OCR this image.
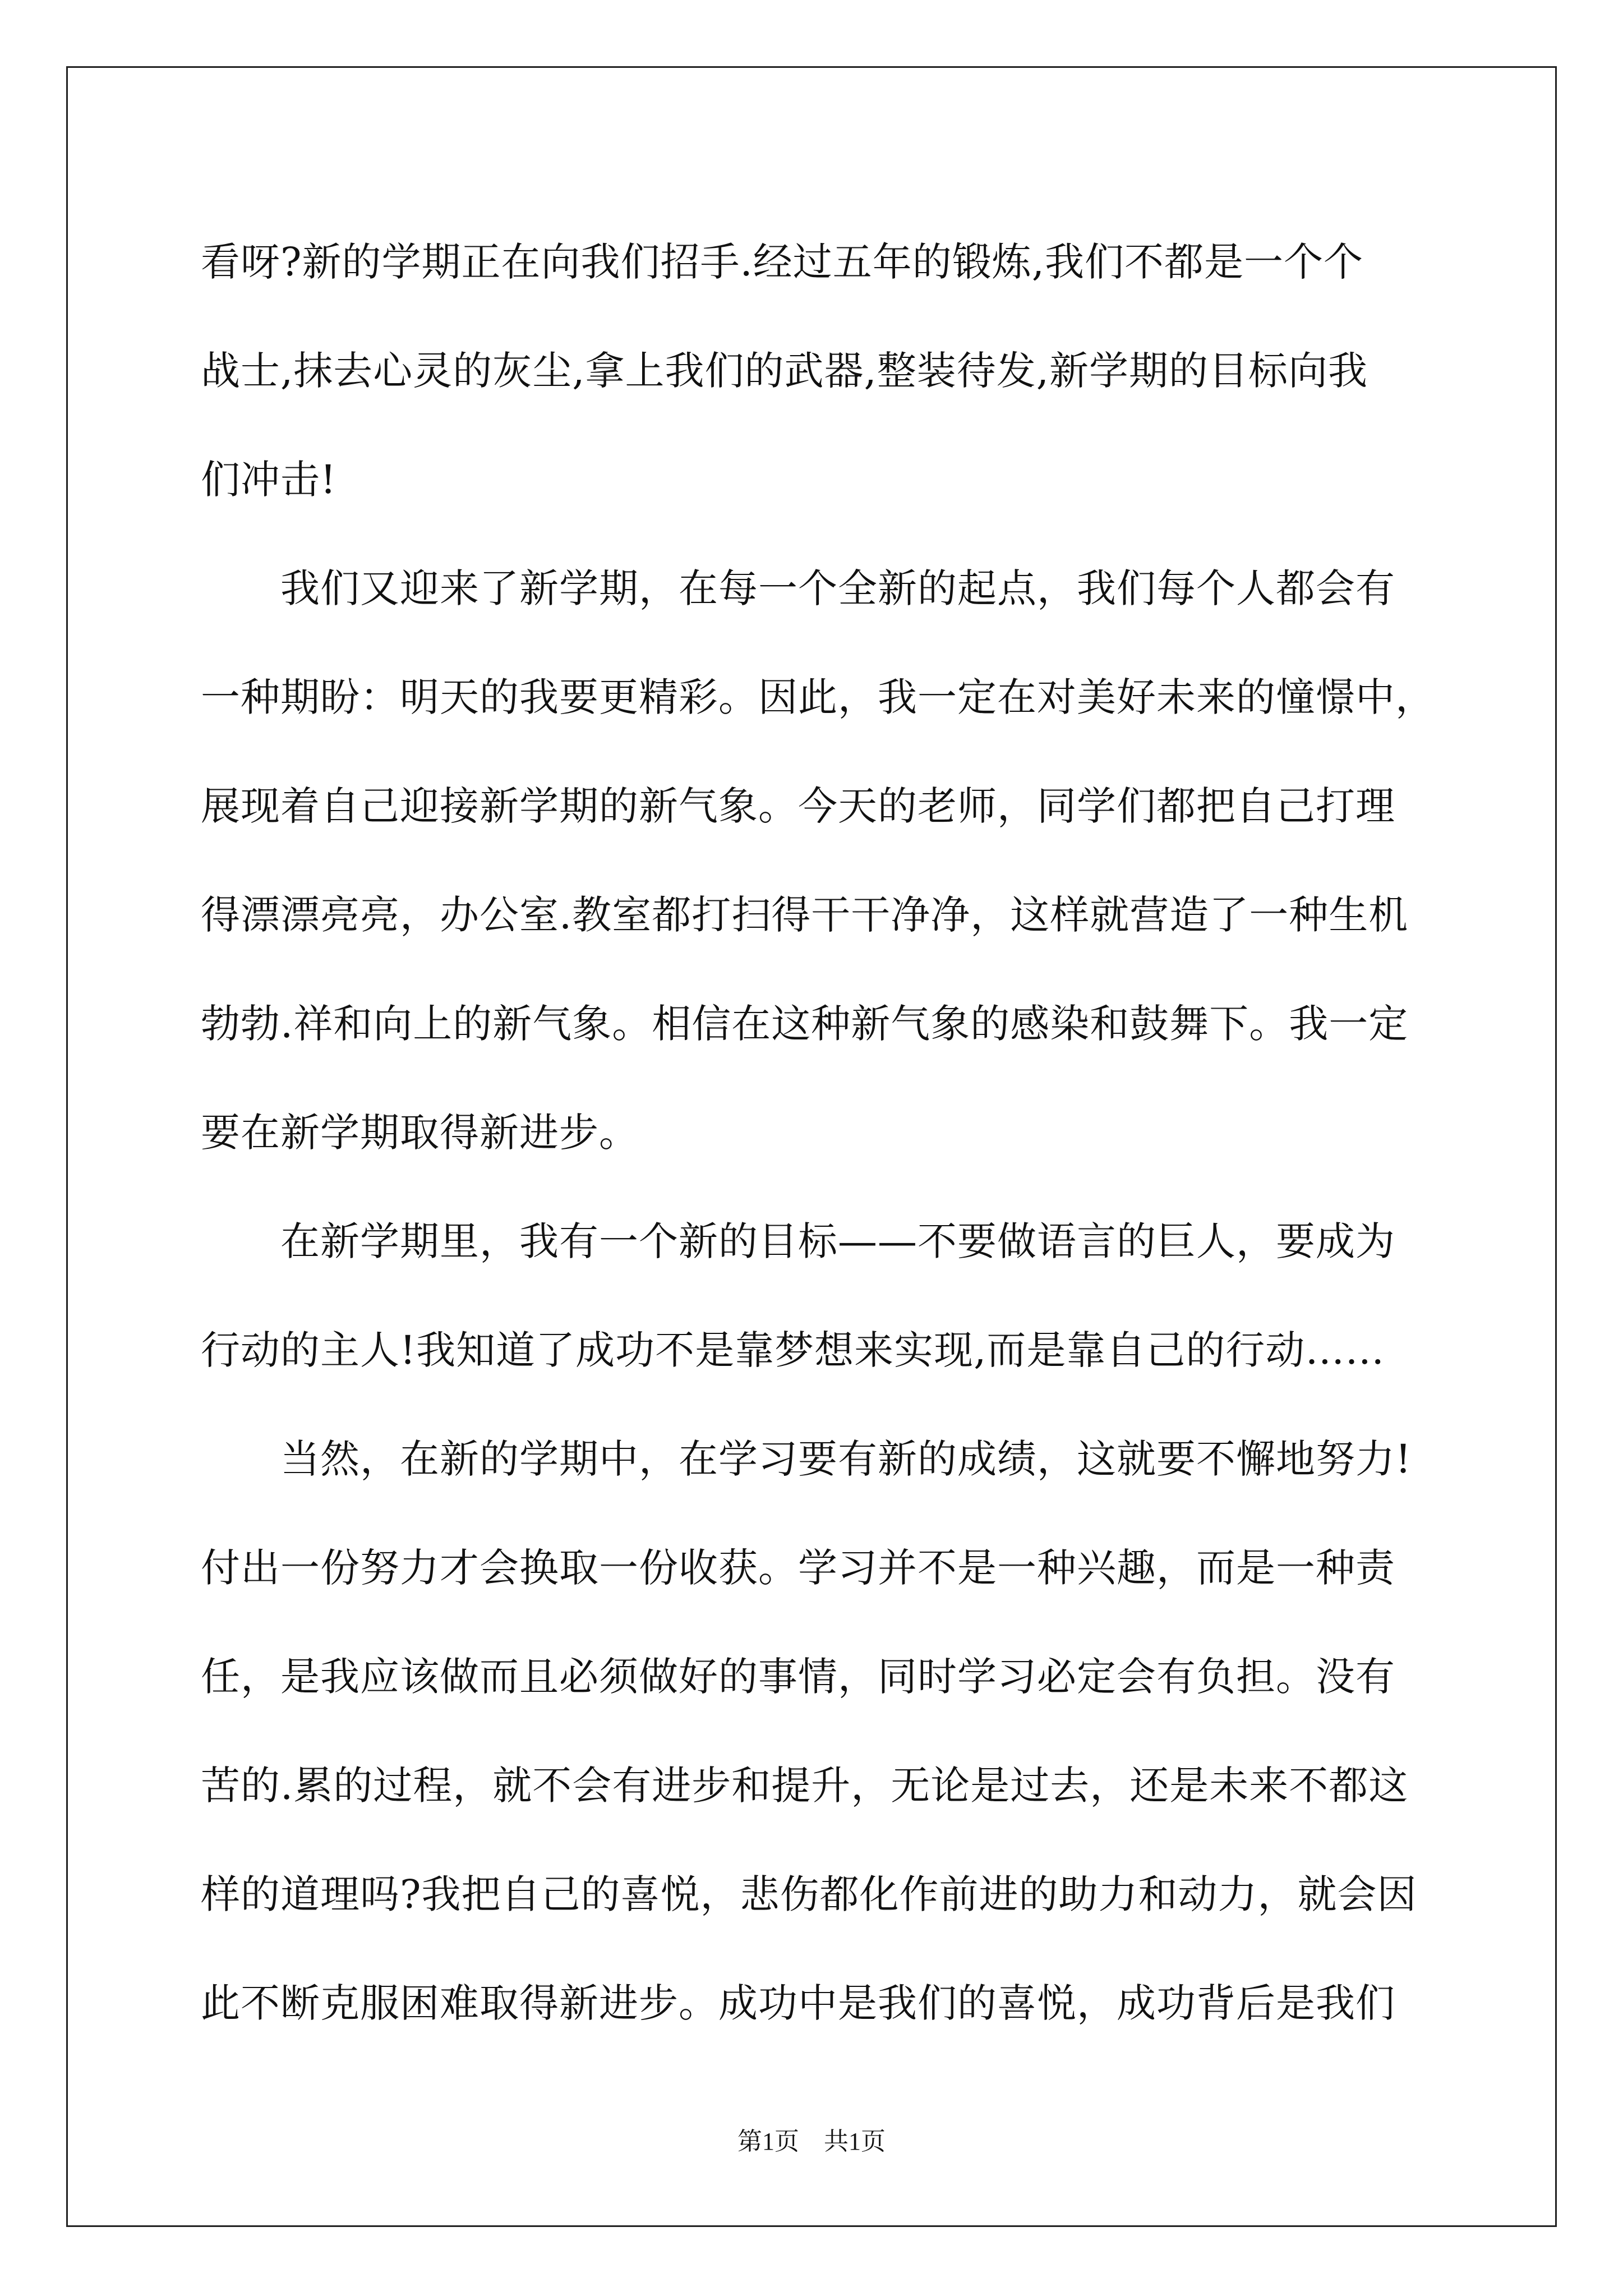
看呀?新的学期正在向我们招手.经过五年的锻炼,我们不都是一个个
战士,抹去心灵的灰尘,拿上我们的武器,整装待发,新学期的目标向我
们冲击!
　　我们又迎来了新学期，在每一个全新的起点，我们每个人都会有
一种期盼：明天的我要更精彩。因此，我一定在对美好未来的憧憬中，
展现着自己迎接新学期的新气象。今天的老师，同学们都把自己打理
得漂漂亮亮，办公室.教室都打扫得干干净净，这样就营造了一种生机
勃勃.祥和向上的新气象。相信在这种新气象的感染和鼓舞下。我一定
要在新学期取得新进步。
　　在新学期里，我有一个新的目标——不要做语言的巨人，要成为
行动的主人!我知道了成功不是靠梦想来实现,而是靠自己的行动……
　　当然，在新的学期中，在学习要有新的成绩，这就要不懈地努力!
付出一份努力才会换取一份收获。学习并不是一种兴趣，而是一种责
任，是我应该做而且必须做好的事情，同时学习必定会有负担。没有
苦的.累的过程，就不会有进步和提升，无论是过去，还是未来不都这
样的道理吗?我把自己的喜悦，悲伤都化作前进的助力和动力，就会因
此不断克服困难取得新进步。成功中是我们的喜悦，成功背后是我们
第1页　共1页
